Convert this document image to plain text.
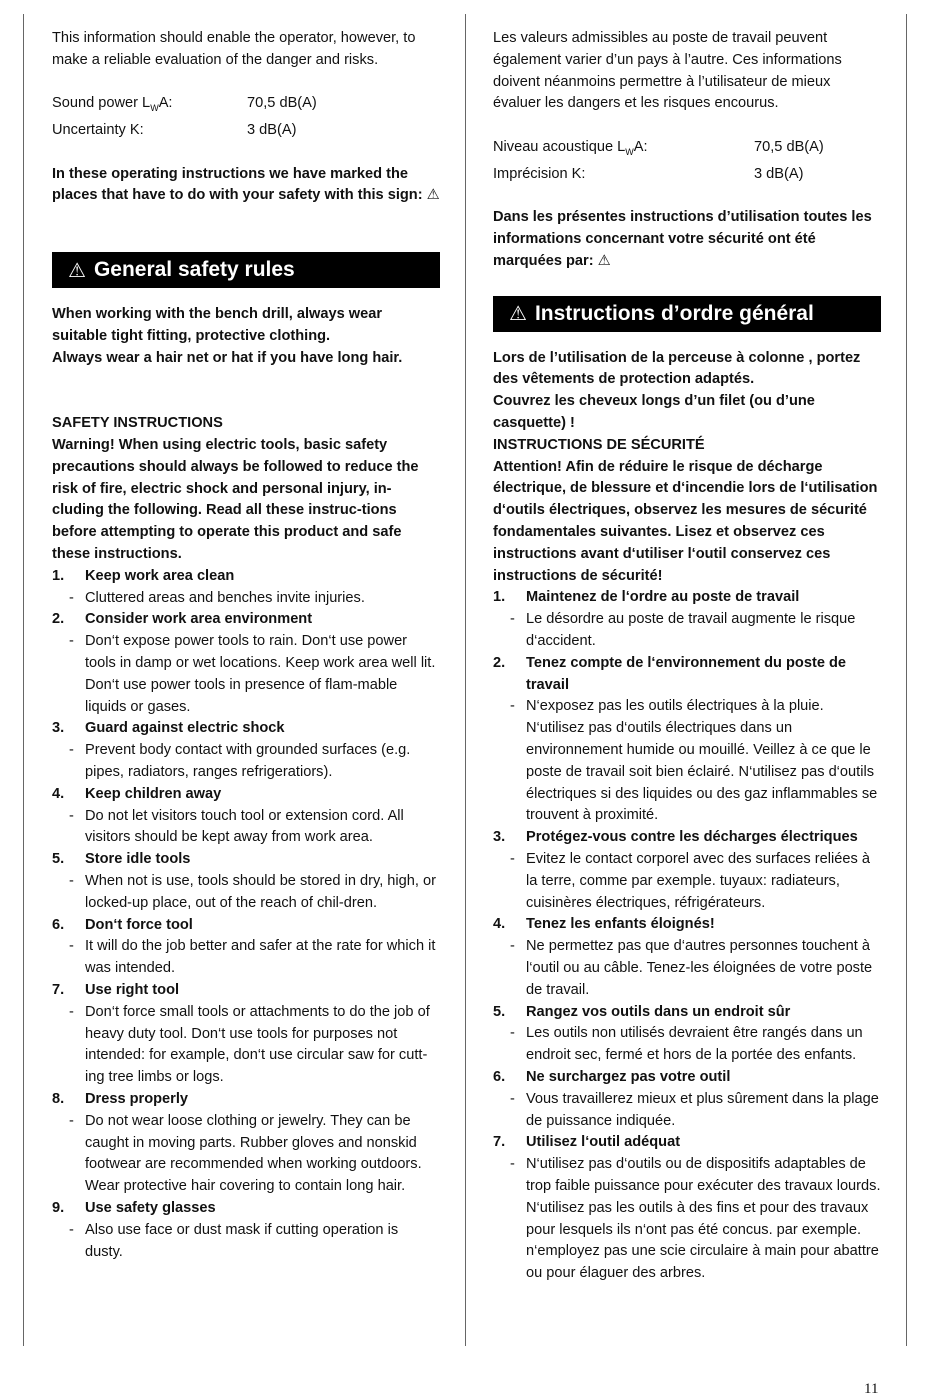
This information should enable the operator, however, to make a reliable evaluation of the danger and risks.

Sound power $L_WA$:	70,5 dB(A)
Uncertainty K:	3 dB(A)

In these operating instructions we have marked the places that have to do with your safety with this sign: ⚠

⚠ General safety rules

When working with the bench drill, always wear suitable tight fitting, protective clothing.

Always wear a hair net or hat if you have long hair.

SAFETY INSTRUCTIONS

Warning! When using electric tools, basic safety precautions should always be followed to reduce the risk of fire, electric shock and personal injury, in-cluding the following. Read all these instruc-tions before attempting to operate this product and safe these instructions.

1.	Keep work area clean
- Cluttered areas and benches invite injuries.
2.	Consider work area environment
- Don‘t expose power tools to rain. Don‘t use power tools in damp or wet locations. Keep work area well lit. Don‘t use power tools in presence of flam-mable liquids or gases.
3.	Guard against electric shock
- Prevent body contact with grounded surfaces (e.g. pipes, radiators, ranges refrigeratiors).
4.	Keep children away
- Do not let visitors touch tool or extension cord. All visitors should be kept away from work area.
5.	Store idle tools
- When not is use, tools should be stored in dry, high, or locked-up place, out of the reach of chil-dren.
6.	Don‘t force tool
- It will do the job better and safer at the rate for which it was intended.
7.	Use right tool
- Don‘t force small tools or attachments to do the job of heavy duty tool. Don‘t use tools for purposes not intended: for example, don‘t use circular saw for cutt- ing tree limbs or logs.
8.	Dress properly
- Do not wear loose clothing or jewelry. They can be caught in moving parts. Rubber gloves and nonskid footwear are recommended when working outdoors. Wear protective hair covering to contain long hair.
9.	Use safety glasses
- Also use face or dust mask if cutting operation is dusty.

Les valeurs admissibles au poste de travail peuvent également varier d’un pays à l’autre. Ces informations doivent néanmoins permettre à l’utilisateur de mieux évaluer les dangers et les risques encourus.

Niveau acoustique $L_WA$:	70,5 dB(A)
Imprécision K:	3 dB(A)

Dans les présentes instructions d’utilisation toutes les informations concernant votre sécurité ont été marquées par: ⚠

⚠ Instructions d’ordre général

Lors de l’utilisation de la perceuse à colonne , portez des vêtements de protection adaptés.

Couvrez les cheveux longs d’un filet (ou d’une casquette) !

INSTRUCTIONS DE SÉCURITÉ

Attention! Afin de réduire le risque de décharge électrique, de blessure et d‘incendie lors de l‘utilisation d‘outils électriques, observez les mesures de sécurité fondamentales suivantes. Lisez et observez ces instructions avant d‘utiliser l‘outil conservez ces instructions de sécurité!

1.	Maintenez de l‘ordre au poste de travail
- Le désordre au poste de travail augmente le risque d‘accident.
2.	Tenez compte de l‘environnement du poste de travail
- N‘exposez pas les outils électriques à la pluie. N‘utilisez pas d‘outils électriques dans un environnement humide ou mouillé. Veillez à ce que le poste de travail soit bien éclairé. N‘utilisez pas d‘outils électriques si des liquides ou des gaz inflammables se trouvent à proximité.
3.	Protégez-vous contre les décharges électriques
- Evitez le contact corporel avec des surfaces reliées à la terre, comme par exemple. tuyaux: radiateurs, cuisinères électriques, réfrigérateurs.
4.	Tenez les enfants éloignés!
- Ne permettez pas que d‘autres personnes touchent à l‘outil ou au câble. Tenez-les éloignées de votre poste de travail.
5.	Rangez vos outils dans un endroit sûr
- Les outils non utilisés devraient être rangés dans un endroit sec, fermé et hors de la portée des enfants.
6.	Ne surchargez pas votre outil
- Vous travaillerez mieux et plus sûrement dans la plage de puissance indiquée.
7.	Utilisez l‘outil adéquat
- N‘utilisez pas d‘outils ou de dispositifs adaptables de trop faible puissance pour exécuter des travaux lourds. N‘utilisez pas les outils à des fins et pour des travaux pour lesquels ils n‘ont pas été concus. par exemple. n‘employez pas une scie circulaire à main pour abattre ou pour élaguer des arbres.
11
